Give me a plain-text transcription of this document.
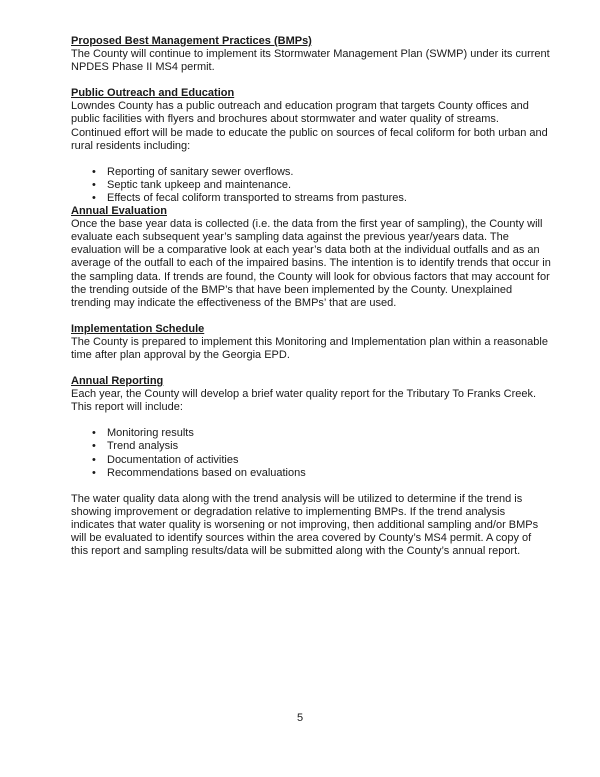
Proposed Best Management Practices (BMPs)

The County will continue to implement its Stormwater Management Plan (SWMP) under its current NPDES Phase II MS4 permit.

Public Outreach and Education

Lowndes County has a public outreach and education program that targets County offices and public facilities with flyers and brochures about stormwater and water quality of streams. Continued effort will be made to educate the public on sources of fecal coliform for both urban and rural residents including:

• Reporting of sanitary sewer overflows.
• Septic tank upkeep and maintenance.
• Effects of fecal coliform transported to streams from pastures.
Annual Evaluation

Once the base year data is collected (i.e. the data from the first year of sampling), the County will evaluate each subsequent year’s sampling data against the previous year/years data. The evaluation will be a comparative look at each year’s data both at the individual outfalls and as an average of the outfall to each of the impaired basins. The intention is to identify trends that occur in the sampling data. If trends are found, the County will look for obvious factors that may account for the trending outside of the BMP’s that have been implemented by the County. Unexplained trending may indicate the effectiveness of the BMPs’ that are used.

Implementation Schedule

The County is prepared to implement this Monitoring and Implementation plan within a reasonable time after plan approval by the Georgia EPD.

Annual Reporting

Each year, the County will develop a brief water quality report for the Tributary To Franks Creek. This report will include:

• Monitoring results
• Trend analysis
• Documentation of activities
• Recommendations based on evaluations

The water quality data along with the trend analysis will be utilized to determine if the trend is showing improvement or degradation relative to implementing BMPs. If the trend analysis indicates that water quality is worsening or not improving, then additional sampling and/or BMPs will be evaluated to identify sources within the area covered by County’s MS4 permit. A copy of this report and sampling results/data will be submitted along with the County’s annual report.

5
